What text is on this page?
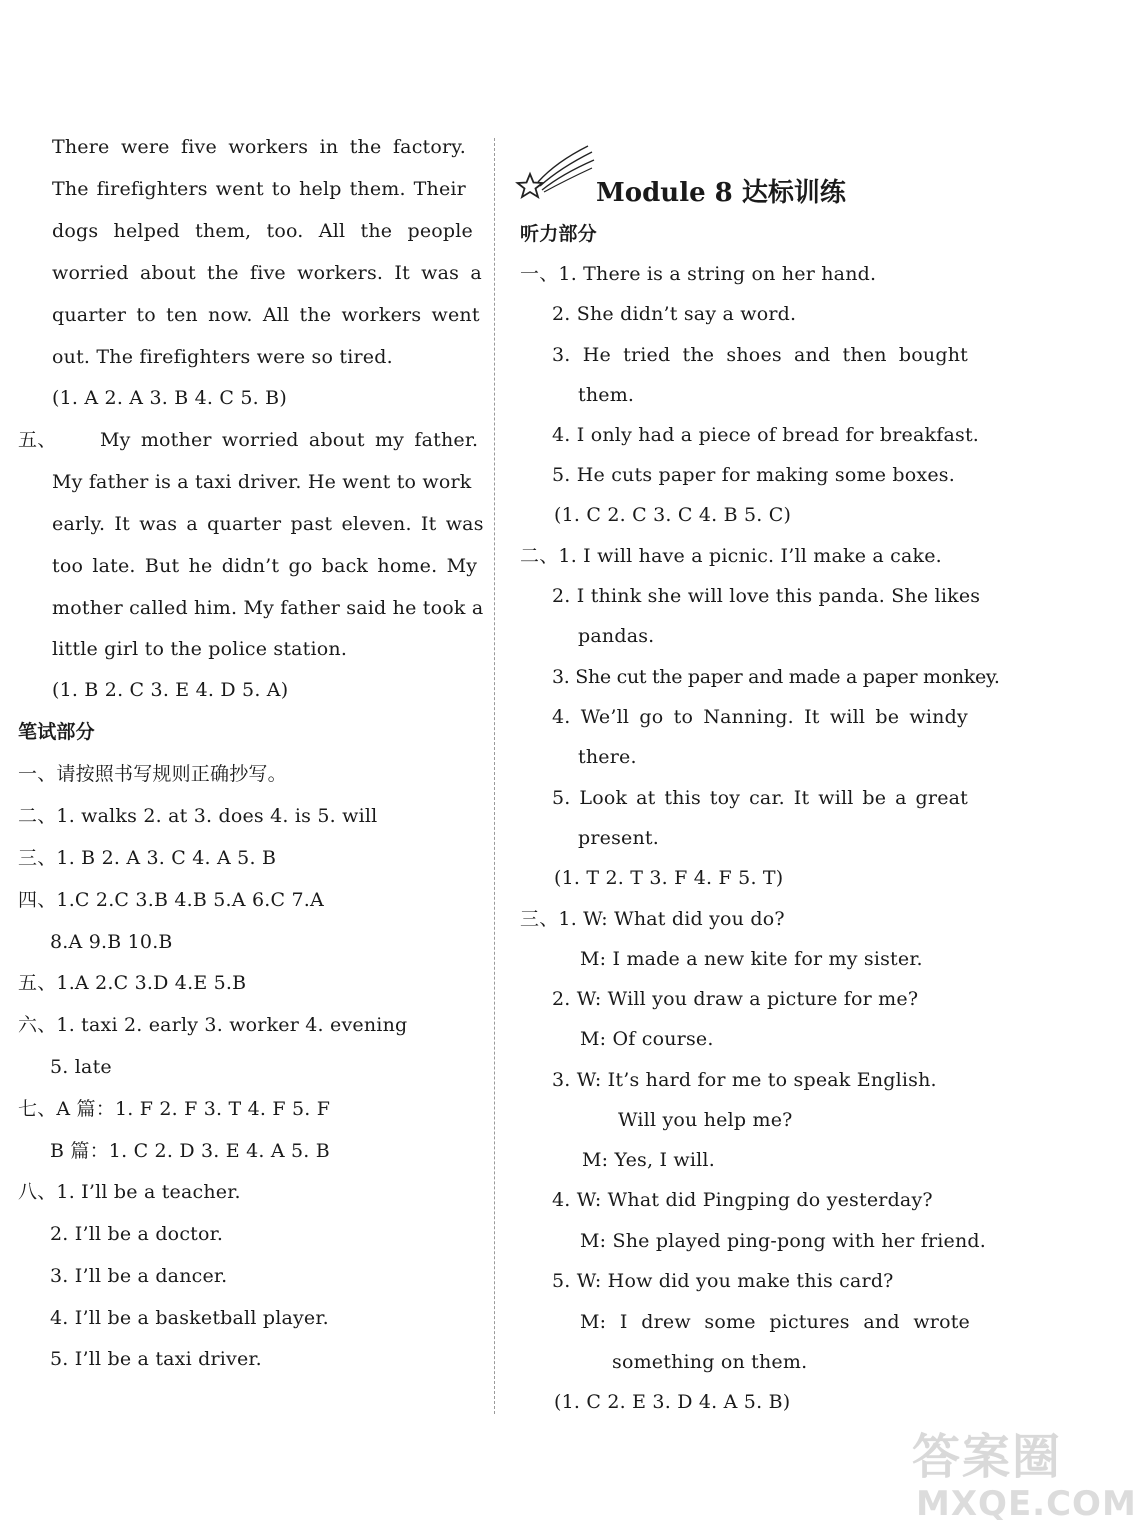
There were five workers in the factory.
The firefighters went to help them. Their
dogs helped them, too. All the people
worried about the five workers. It was a
quarter to ten now. All the workers went
out. The firefighters were so tired.
(1. A 2. A 3. B 4. C 5. B)
五、 My mother worried about my father.
My father is a taxi driver. He went to work
early. It was a quarter past eleven. It was
too late. But he didn’t go back home. My
mother called him. My father said he took a
little girl to the police station.
(1. B 2. C 3. E 4. D 5. A)
笔试部分
一、请按照书写规则正确抄写。
二、1. walks 2. at 3. does 4. is 5. will
三、1. B 2. A 3. C 4. A 5. B
四、1.C 2.C 3.B 4.B 5.A 6.C 7.A
8.A 9.B 10.B
五、1.A 2.C 3.D 4.E 5.B
六、1. taxi 2. early 3. worker 4. evening
5. late
七、A 篇：1. F 2. F 3. T 4. F 5. F
B 篇：1. C 2. D 3. E 4. A 5. B
八、1. I’ll be a teacher.
2. I’ll be a doctor.
3. I’ll be a dancer.
4. I’ll be a basketball player.
5. I’ll be a taxi driver.
Module 8 达标训练
听力部分
一、1. There is a string on her hand.
2. She didn’t say a word.
3. He tried the shoes and then bought
them.
4. I only had a piece of bread for breakfast.
5. He cuts paper for making some boxes.
(1. C 2. C 3. C 4. B 5. C)
二、1. I will have a picnic. I’ll make a cake.
2. I think she will love this panda. She likes
pandas.
3. She cut the paper and made a paper monkey.
4. We’ll go to Nanning. It will be windy
there.
5. Look at this toy car. It will be a great
present.
(1. T 2. T 3. F 4. F 5. T)
三、1. W: What did you do?
M: I made a new kite for my sister.
2. W: Will you draw a picture for me?
M: Of course.
3. W: It’s hard for me to speak English.
Will you help me?
M: Yes, I will.
4. W: What did Pingping do yesterday?
M: She played ping-pong with her friend.
5. W: How did you make this card?
M: I drew some pictures and wrote
something on them.
(1. C 2. E 3. D 4. A 5. B)
答案圈
MXQE.COM
